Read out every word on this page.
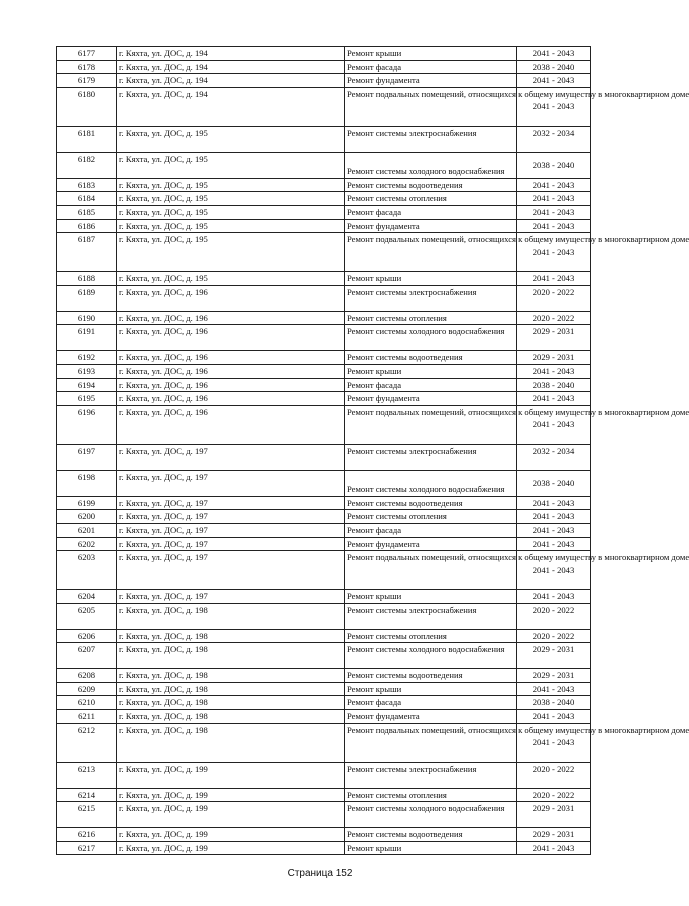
6177	г. Кяхта, ул. ДОС, д. 194	Ремонт крыши	2041 - 2043
6178	г. Кяхта, ул. ДОС, д. 194	Ремонт фасада	2038 - 2040
6179	г. Кяхта, ул. ДОС, д. 194	Ремонт фундамента	2041 - 2043
6180	г. Кяхта, ул. ДОС, д. 194	Ремонт подвальных помещений, относящихся к общему имуществу в многоквартирном доме	2041 - 2043
6181	г. Кяхта, ул. ДОС, д. 195	Ремонт системы электроснабжения	2032 - 2034
6182	г. Кяхта, ул. ДОС, д. 195	Ремонт системы холодного водоснабжения	2038 - 2040
6183	г. Кяхта, ул. ДОС, д. 195	Ремонт системы водоотведения	2041 - 2043
6184	г. Кяхта, ул. ДОС, д. 195	Ремонт системы отопления	2041 - 2043
6185	г. Кяхта, ул. ДОС, д. 195	Ремонт фасада	2041 - 2043
6186	г. Кяхта, ул. ДОС, д. 195	Ремонт фундамента	2041 - 2043
6187	г. Кяхта, ул. ДОС, д. 195	Ремонт подвальных помещений, относящихся к общему имуществу в многоквартирном доме	2041 - 2043
6188	г. Кяхта, ул. ДОС, д. 195	Ремонт крыши	2041 - 2043
6189	г. Кяхта, ул. ДОС, д. 196	Ремонт системы электроснабжения	2020 - 2022
6190	г. Кяхта, ул. ДОС, д. 196	Ремонт системы отопления	2020 - 2022
6191	г. Кяхта, ул. ДОС, д. 196	Ремонт системы холодного водоснабжения	2029 - 2031
6192	г. Кяхта, ул. ДОС, д. 196	Ремонт системы водоотведения	2029 - 2031
6193	г. Кяхта, ул. ДОС, д. 196	Ремонт крыши	2041 - 2043
6194	г. Кяхта, ул. ДОС, д. 196	Ремонт фасада	2038 - 2040
6195	г. Кяхта, ул. ДОС, д. 196	Ремонт фундамента	2041 - 2043
6196	г. Кяхта, ул. ДОС, д. 196	Ремонт подвальных помещений, относящихся к общему имуществу в многоквартирном доме	2041 - 2043
6197	г. Кяхта, ул. ДОС, д. 197	Ремонт системы электроснабжения	2032 - 2034
6198	г. Кяхта, ул. ДОС, д. 197	Ремонт системы холодного водоснабжения	2038 - 2040
6199	г. Кяхта, ул. ДОС, д. 197	Ремонт системы водоотведения	2041 - 2043
6200	г. Кяхта, ул. ДОС, д. 197	Ремонт системы отопления	2041 - 2043
6201	г. Кяхта, ул. ДОС, д. 197	Ремонт фасада	2041 - 2043
6202	г. Кяхта, ул. ДОС, д. 197	Ремонт фундамента	2041 - 2043
6203	г. Кяхта, ул. ДОС, д. 197	Ремонт подвальных помещений, относящихся к общему имуществу в многоквартирном доме	2041 - 2043
6204	г. Кяхта, ул. ДОС, д. 197	Ремонт крыши	2041 - 2043
6205	г. Кяхта, ул. ДОС, д. 198	Ремонт системы электроснабжения	2020 - 2022
6206	г. Кяхта, ул. ДОС, д. 198	Ремонт системы отопления	2020 - 2022
6207	г. Кяхта, ул. ДОС, д. 198	Ремонт системы холодного водоснабжения	2029 - 2031
6208	г. Кяхта, ул. ДОС, д. 198	Ремонт системы водоотведения	2029 - 2031
6209	г. Кяхта, ул. ДОС, д. 198	Ремонт крыши	2041 - 2043
6210	г. Кяхта, ул. ДОС, д. 198	Ремонт фасада	2038 - 2040
6211	г. Кяхта, ул. ДОС, д. 198	Ремонт фундамента	2041 - 2043
6212	г. Кяхта, ул. ДОС, д. 198	Ремонт подвальных помещений, относящихся к общему имуществу в многоквартирном доме	2041 - 2043
6213	г. Кяхта, ул. ДОС, д. 199	Ремонт системы электроснабжения	2020 - 2022
6214	г. Кяхта, ул. ДОС, д. 199	Ремонт системы отопления	2020 - 2022
6215	г. Кяхта, ул. ДОС, д. 199	Ремонт системы холодного водоснабжения	2029 - 2031
6216	г. Кяхта, ул. ДОС, д. 199	Ремонт системы водоотведения	2029 - 2031
6217	г. Кяхта, ул. ДОС, д. 199	Ремонт крыши	2041 - 2043
Страница 152
